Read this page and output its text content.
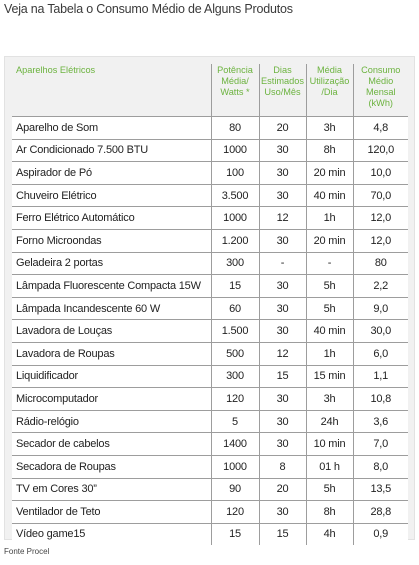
Veja na Tabela o Consumo Médio de Alguns Produtos
Aparelhos Elétricos	Potência Média/ Watts *	Dias Estimados Uso/Mês	Média Utilização /Dia	Consumo Médio Mensal (kWh)
Aparelho de Som	80	20	3h	4,8
Ar Condicionado 7.500 BTU	1000	30	8h	120,0
Aspirador de Pó	100	30	20 min	10,0
Chuveiro Elétrico	3.500	30	40 min	70,0
Ferro Elétrico Automático	1000	12	1h	12,0
Forno Microondas	1.200	30	20 min	12,0
Geladeira 2 portas	300	-	-	80
Lâmpada Fluorescente Compacta 15W	15	30	5h	2,2
Lâmpada Incandescente 60 W	60	30	5h	9,0
Lavadora de Louças	1.500	30	40 min	30,0
Lavadora de Roupas	500	12	1h	6,0
Liquidificador	300	15	15 min	1,1
Microcomputador	120	30	3h	10,8
Rádio-relógio	5	30	24h	3,6
Secador de cabelos	1400	30	10 min	7,0
Secadora de Roupas	1000	8	01 h	8,0
TV em Cores 30”	90	20	5h	13,5
Ventilador de Teto	120	30	8h	28,8
Vídeo game15	15	15	4h	0,9
Fonte Procel
